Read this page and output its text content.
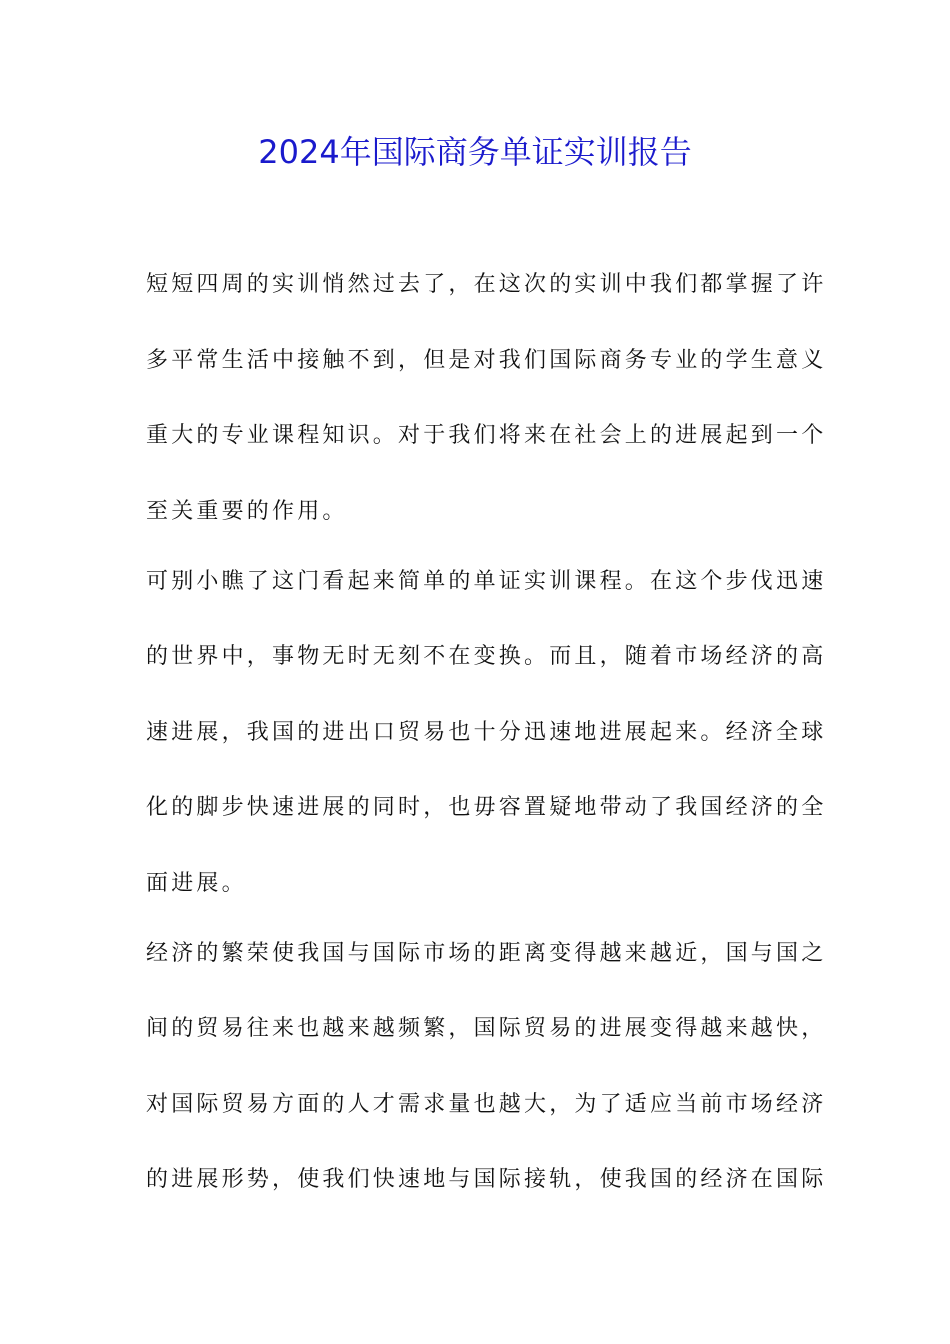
2024年国际商务单证实训报告
短短四周的实训悄然过去了，在这次的实训中我们都掌握了许
多平常生活中接触不到，但是对我们国际商务专业的学生意义
重大的专业课程知识。对于我们将来在社会上的进展起到一个
至关重要的作用。
可别小瞧了这门看起来简单的单证实训课程。在这个步伐迅速
的世界中，事物无时无刻不在变换。而且，随着市场经济的高
速进展，我国的进出口贸易也十分迅速地进展起来。经济全球
化的脚步快速进展的同时，也毋容置疑地带动了我国经济的全
面进展。
经济的繁荣使我国与国际市场的距离变得越来越近，国与国之
间的贸易往来也越来越频繁，国际贸易的进展变得越来越快，
对国际贸易方面的人才需求量也越大，为了适应当前市场经济
的进展形势，使我们快速地与国际接轨，使我国的经济在国际
